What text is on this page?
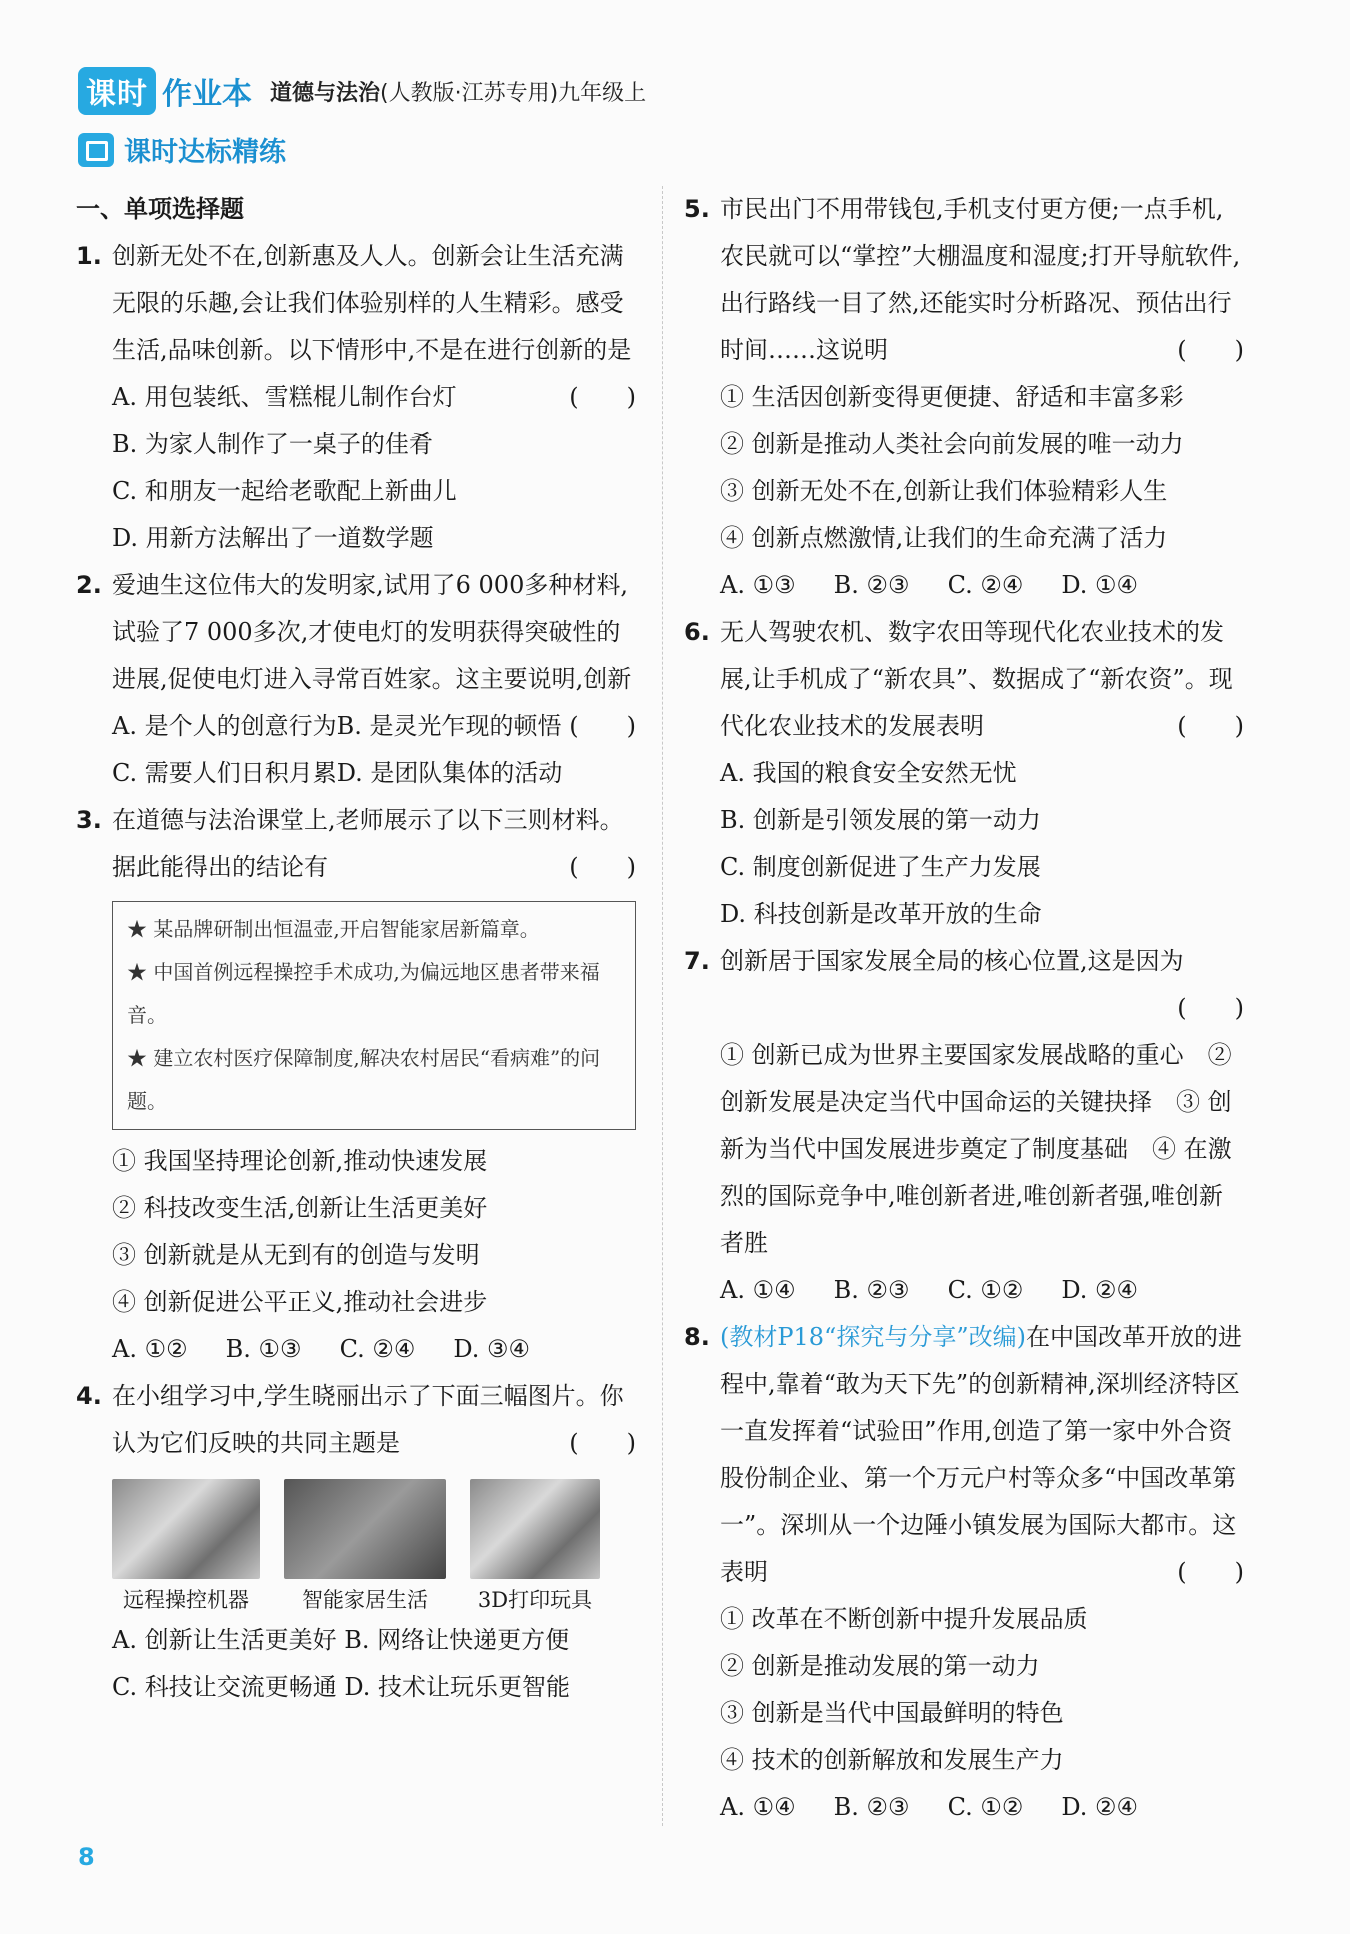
课时 作业本 道德与法治(人教版·江苏专用)九年级上
课时达标精练
一、单项选择题
1. 创新无处不在,创新惠及人人。创新会让生活充满无限的乐趣,会让我们体验别样的人生精彩。感受生活,品味创新。以下情形中,不是在进行创新的是
(　　)
A. 用包装纸、雪糕棍儿制作台灯
B. 为家人制作了一桌子的佳肴
C. 和朋友一起给老歌配上新曲儿
D. 用新方法解出了一道数学题
2. 爱迪生这位伟大的发明家,试用了6 000多种材料,试验了7 000多次,才使电灯的发明获得突破性的进展,促使电灯进入寻常百姓家。这主要说明,创新
(　　)
A. 是个人的创意行为B. 是灵光乍现的顿悟
C. 需要人们日积月累D. 是团队集体的活动
3. 在道德与法治课堂上,老师展示了以下三则材料。据此能得出的结论有	(　　)
★ 某品牌研制出恒温壶,开启智能家居新篇章。
★ 中国首例远程操控手术成功,为偏远地区患者带来福音。
★ 建立农村医疗保障制度,解决农村居民“看病难”的问题。
① 我国坚持理论创新,推动快速发展
② 科技改变生活,创新让生活更美好
③ 创新就是从无到有的创造与发明
④ 创新促进公平正义,推动社会进步
A. ①② B. ①③ C. ②④ D. ③④
4. 在小组学习中,学生晓丽出示了下面三幅图片。你认为它们反映的共同主题是	(　　)
远程操控机器	智能家居生活 3D打印玩具
A. 创新让生活更美好 B. 网络让快递更方便
C. 科技让交流更畅通 D. 技术让玩乐更智能
5. 市民出门不用带钱包,手机支付更方便;一点手机,农民就可以“掌控”大棚温度和湿度;打开导航软件,出行路线一目了然,还能实时分析路况、预估出行时间……这说明	(　　)
① 生活因创新变得更便捷、舒适和丰富多彩
② 创新是推动人类社会向前发展的唯一动力
③ 创新无处不在,创新让我们体验精彩人生
④ 创新点燃激情,让我们的生命充满了活力
A. ①③ B. ②③ C. ②④ D. ①④
6. 无人驾驶农机、数字农田等现代化农业技术的发展,让手机成了“新农具”、数据成了“新农资”。现代化农业技术的发展表明	(　　)
A. 我国的粮食安全安然无忧
B. 创新是引领发展的第一动力
C. 制度创新促进了生产力发展
D. 科技创新是改革开放的生命
7. 创新居于国家发展全局的核心位置,这是因为
(　　)
① 创新已成为世界主要国家发展战略的重心　② 创新发展是决定当代中国命运的关键抉择　③ 创新为当代中国发展进步奠定了制度基础　④ 在激烈的国际竞争中,唯创新者进,唯创新者强,唯创新者胜
A. ①④ B. ②③ C. ①② D. ②④
8. (教材P18“探究与分享”改编)在中国改革开放的进程中,靠着“敢为天下先”的创新精神,深圳经济特区一直发挥着“试验田”作用,创造了第一家中外合资股份制企业、第一个万元户村等众多“中国改革第一”。深圳从一个边陲小镇发展为国际大都市。这表明	(　　)
① 改革在不断创新中提升发展品质
② 创新是推动发展的第一动力
③ 创新是当代中国最鲜明的特色
④ 技术的创新解放和发展生产力
A. ①④ B. ②③ C. ①② D. ②④
8
